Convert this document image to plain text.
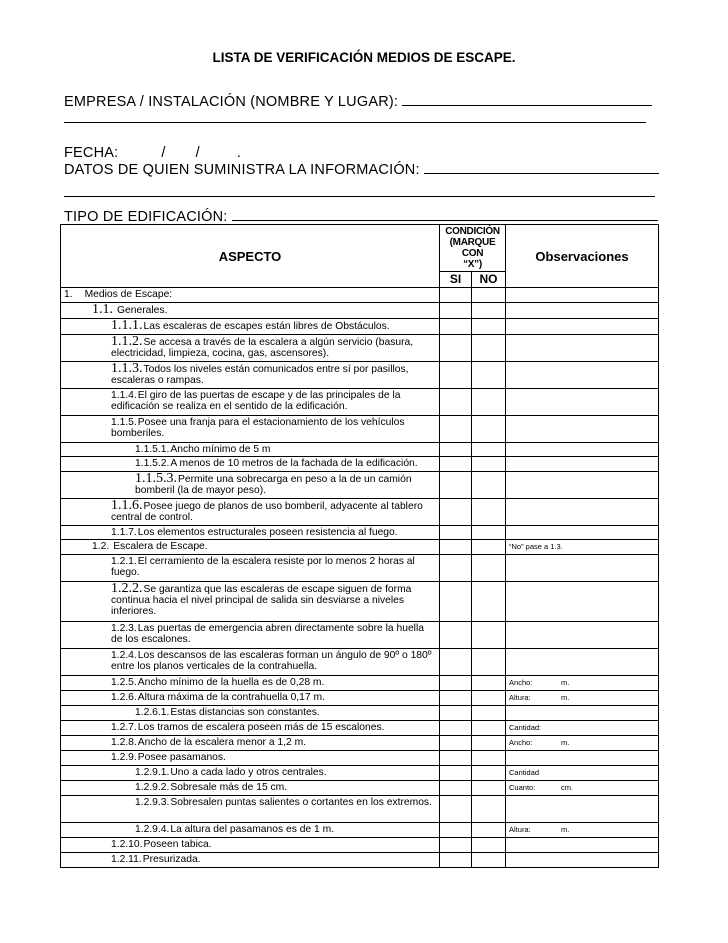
LISTA DE VERIFICACIÓN MEDIOS DE ESCAPE.
EMPRESA / INSTALACIÓN (NOMBRE Y LUGAR):
FECHA:	/ /	.
DATOS DE QUIEN SUMINISTRA LA INFORMACIÓN:
TIPO DE EDIFICACIÓN:
ASPECTO	CONDICIÓN
(MARQUE CON
“X”)		Observaciones
	SI	NO	
1. Medios de Escape:			
1.1. Generales.			
1.1.1.Las escaleras de escapes están libres de Obstáculos.			
1.1.2.Se accesa a través de la escalera a algún servicio (basura, electricidad, limpieza, cocina, gas, ascensores).			
1.1.3.Todos los niveles están comunicados entre sí por pasillos, escaleras o rampas.			
1.1.4.El giro de las puertas de escape y de las principales de la edificación se realiza en el sentido de la edificación.			
1.1.5.Posee una franja para el estacionamiento de los vehículos bomberiles.			
1.1.5.1.Ancho mínimo de 5 m			
1.1.5.2.A menos de 10 metros de la fachada de la edificación.			
1.1.5.3.Permite una sobrecarga en peso a la de un camión bomberil (la de mayor peso).			
1.1.6.Posee juego de planos de uso bomberil, adyacente al tablero central de control.			
1.1.7.Los elementos estructurales poseen resistencia al fuego.			
1.2. Escalera de Escape.			“No” pase a 1.3.
1.2.1.El cerramiento de la escalera resiste por lo menos 2 horas al fuego.			
1.2.2.Se garantiza que las escaleras de escape siguen de forma continua hacia el nivel principal de salida sin desviarse a niveles inferiores.			
1.2.3.Las puertas de emergencia abren directamente sobre la huella de los escalones.			
1.2.4.Los descansos de las escaleras forman un ángulo de 90º o 180º entre los planos verticales de la contrahuella.			
1.2.5.Ancho mínimo de la huella es de 0,28 m.			Ancho: m.
1.2.6.Altura máxima de la contrahuella 0,17 m.			Altura: m.
1.2.6.1.Estas distancias son constantes.			
1.2.7.Los tramos de escalera poseen más de 15 escalones.			Cantidad:
1.2.8.Ancho de la escalera menor a 1,2 m.			Ancho: m.
1.2.9.Posee pasamanos.			
1.2.9.1.Uno a cada lado y otros centrales.			Cantidad
1.2.9.2.Sobresale más de 15 cm.			Cuanto: cm.
1.2.9.3.Sobresalen puntas salientes o cortantes en los extremos.			
1.2.9.4.La altura del pasamanos es de 1 m.			Altura: m.
1.2.10.Poseen tabica.			
1.2.11.Presurizada.			
